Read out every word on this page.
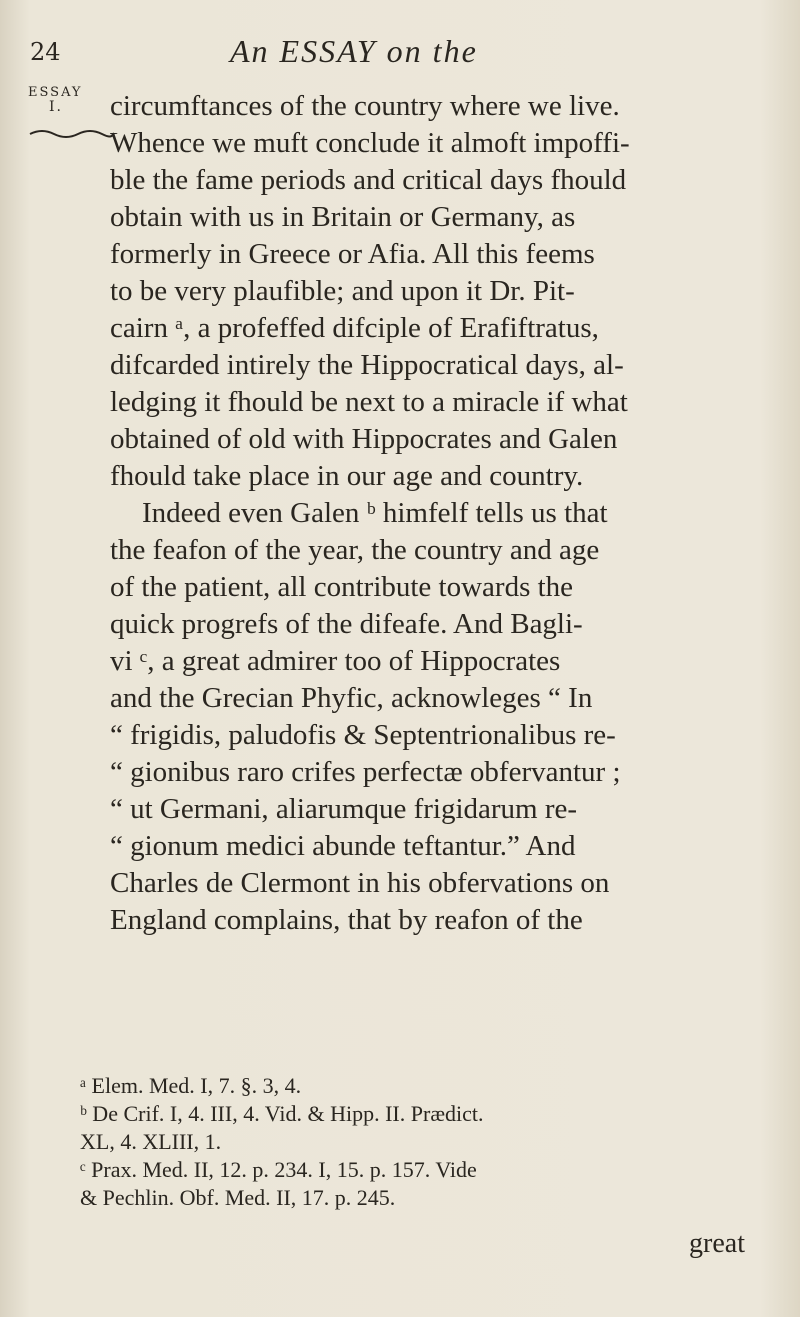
24	An ESSAY on the
ESSAY
I.	circumftances of the country where we live.
Whence we muft conclude it almoft impoffi-
ble the fame periods and critical days fhould
obtain with us in Britain or Germany, as
formerly in Greece or Afia. All this feems
to be very plaufible; and upon it Dr. Pit-
cairn ᵃ, a profeffed difciple of Erafiftratus,
difcarded intirely the Hippocratical days, al-
ledging it fhould be next to a miracle if what
obtained of old with Hippocrates and Galen
fhould take place in our age and country.
Indeed even Galen ᵇ himfelf tells us that
the feafon of the year, the country and age
of the patient, all contribute towards the
quick progrefs of the difeafe. And Bagli-
vi ᶜ, a great admirer too of Hippocrates
and the Grecian Phyfic, acknowleges “ In
“ frigidis, paludofis & Septentrionalibus re-
“ gionibus raro crifes perfectæ obfervantur ;
“ ut Germani, aliarumque frigidarum re-
“ gionum medici abunde teftantur.” And
Charles de Clermont in his obfervations on
England complains, that by reafon of the
ᵃ Elem. Med. I, 7. §. 3, 4.
ᵇ De Crif. I, 4. III, 4. Vid. & Hipp. II. Prædict.
XL, 4. XLIII, 1.
ᶜ Prax. Med. II, 12. p. 234. I, 15. p. 157. Vide
& Pechlin. Obf. Med. II, 17. p. 245.
great
